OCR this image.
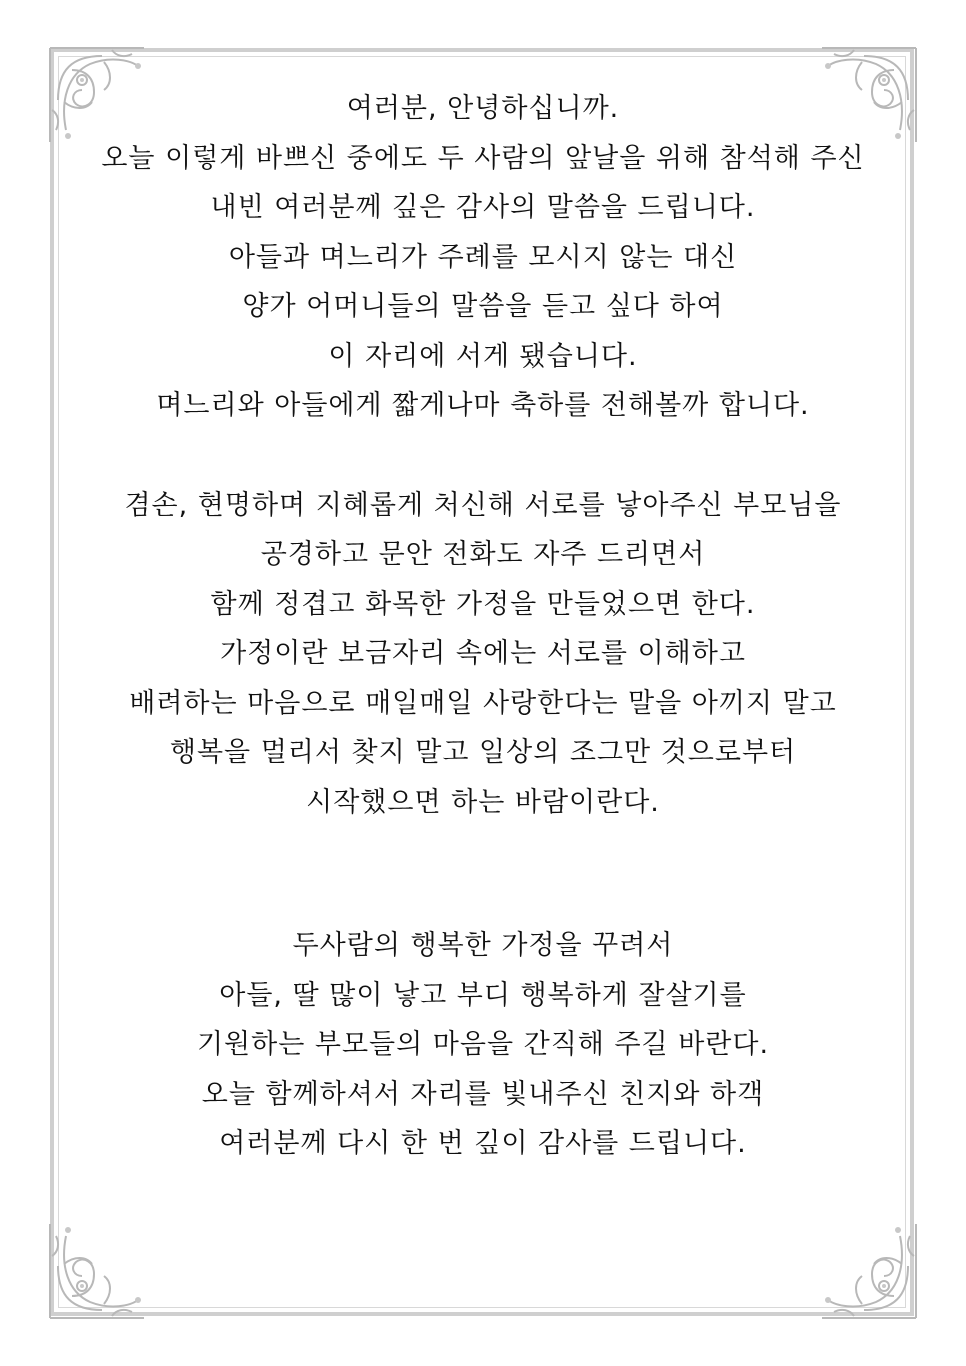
여러분, 안녕하십니까.
오늘 이렇게 바쁘신 중에도 두 사람의 앞날을 위해 참석해 주신
내빈 여러분께 깊은 감사의 말씀을 드립니다.
아들과 며느리가 주례를 모시지 않는 대신
양가 어머니들의 말씀을 듣고 싶다 하여
이 자리에 서게 됐습니다.
며느리와 아들에게 짧게나마 축하를 전해볼까 합니다.

겸손, 현명하며 지혜롭게 처신해 서로를 낳아주신 부모님을
공경하고 문안 전화도 자주 드리면서
함께 정겹고 화목한 가정을 만들었으면 한다.
가정이란 보금자리 속에는 서로를 이해하고
배려하는 마음으로 매일매일 사랑한다는 말을 아끼지 말고
행복을 멀리서 찾지 말고 일상의 조그만 것으로부터
시작했으면 하는 바람이란다.

두사람의 행복한 가정을 꾸려서
아들, 딸 많이 낳고 부디 행복하게 잘살기를
기원하는 부모들의 마음을 간직해 주길 바란다.
오늘 함께하셔서 자리를 빛내주신 친지와 하객
여러분께 다시 한 번 깊이 감사를 드립니다.
